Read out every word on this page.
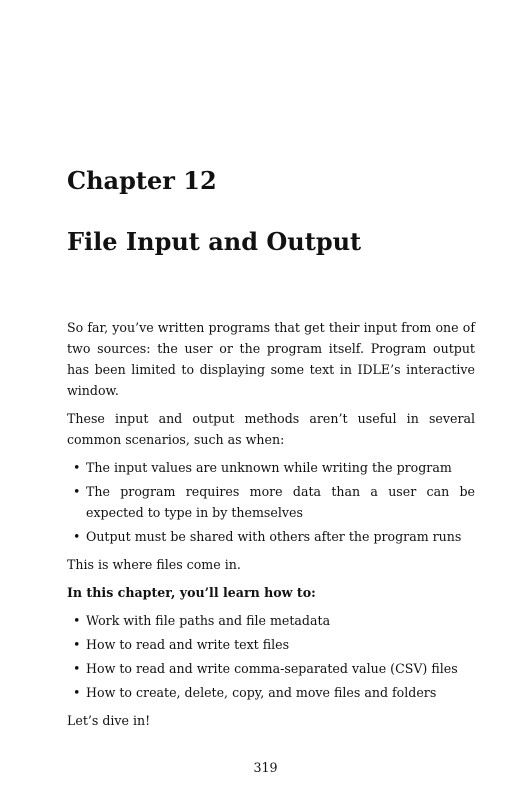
Chapter 12
File Input and Output

So far, you’ve written programs that get their input from one of two sources: the user or the program itself. Program output has been limited to displaying some text in IDLE’s interactive window.

These input and output methods aren’t useful in several common scenarios, such as when:

• The input values are unknown while writing the program
• The program requires more data than a user can be expected to type in by themselves
• Output must be shared with others after the program runs

This is where files come in.

In this chapter, you’ll learn how to:

• Work with file paths and file metadata
• How to read and write text files
• How to read and write comma-separated value (CSV) files
• How to create, delete, copy, and move files and folders

Let’s dive in!

319
